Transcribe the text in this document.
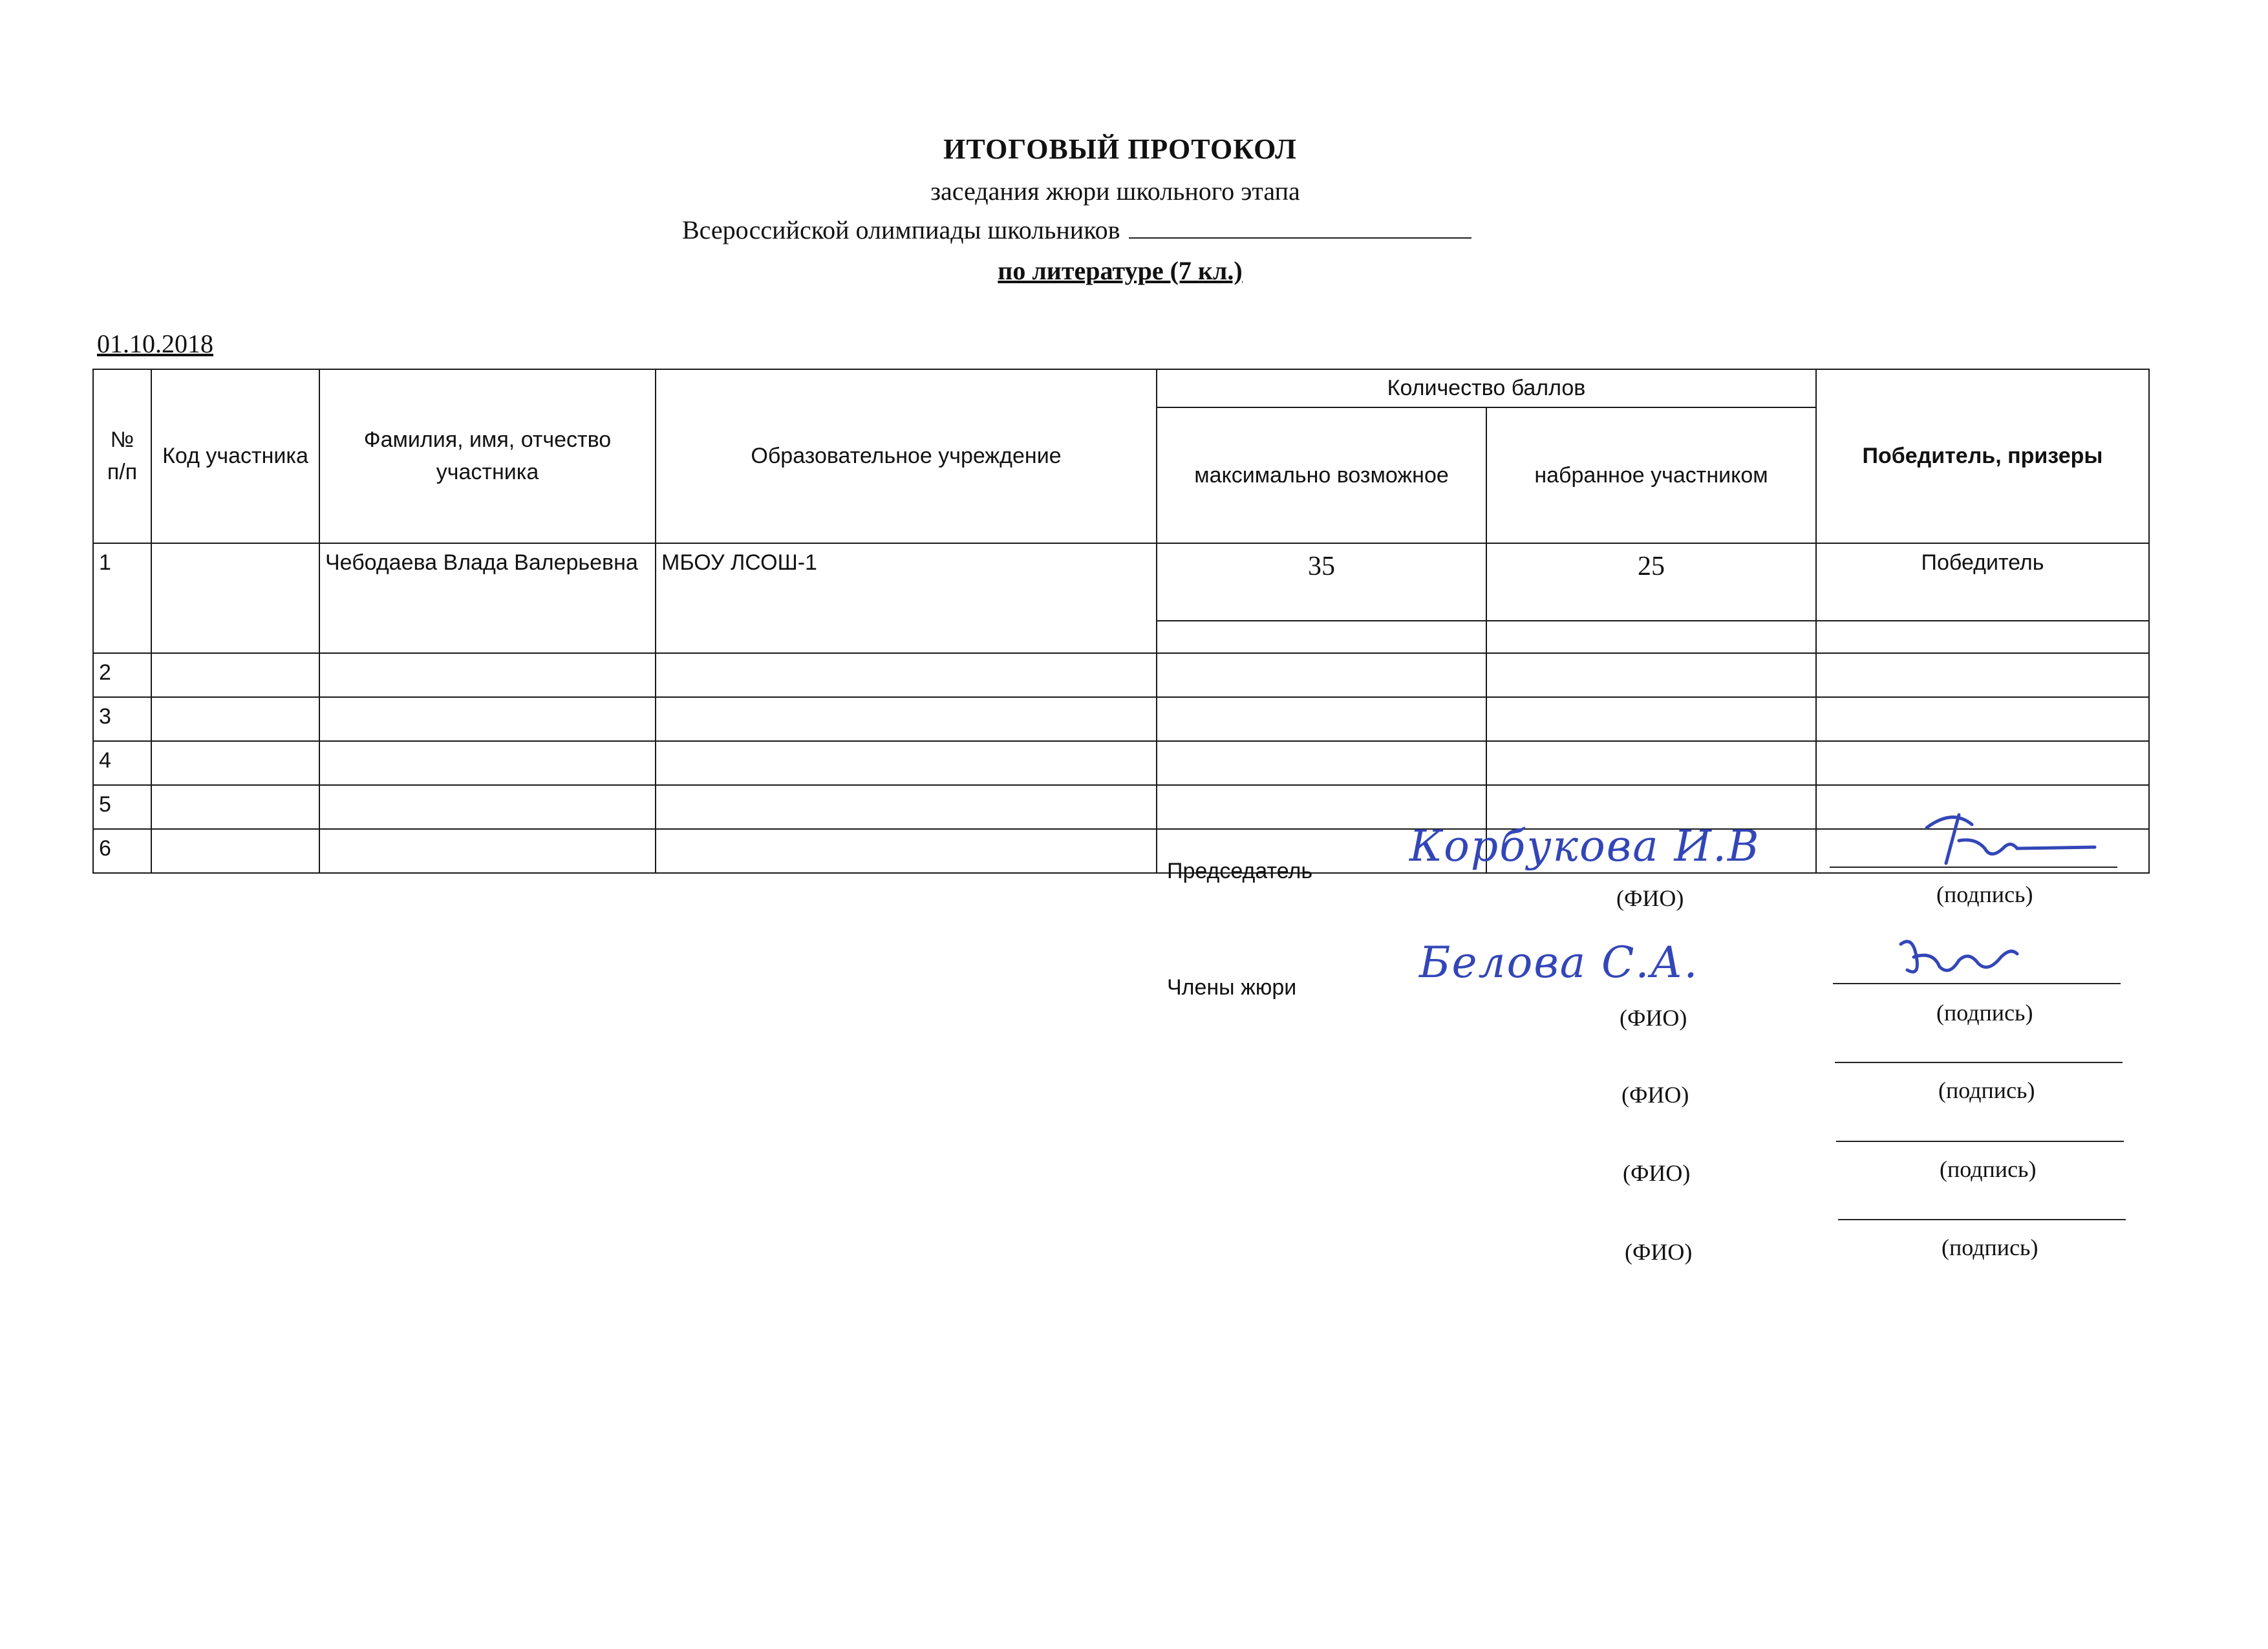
ИТОГОВЫЙ ПРОТОКОЛ
заседания жюри школьного этапа
Всероссийской олимпиады школьников
по литературе (7 кл.)
01.10.2018
№ п/п	Код участника	Фамилия, имя, отчество участника	Образовательное учреждение	Количество баллов		Победитель, призеры
				максимально возможное	набранное участником	
1		Чебодаева Влада Валерьевна	МБОУ ЛСОШ-1	35	25	Победитель

2						
3						
4						
5						
6						
Председатель Корбукова И.В
(ФИО)	(подпись)
Члены жюри	Белова С.А.
(ФИО)	(подпись)
(ФИО)	(подпись)
(ФИО)	(подпись)
(ФИО)	(подпись)
